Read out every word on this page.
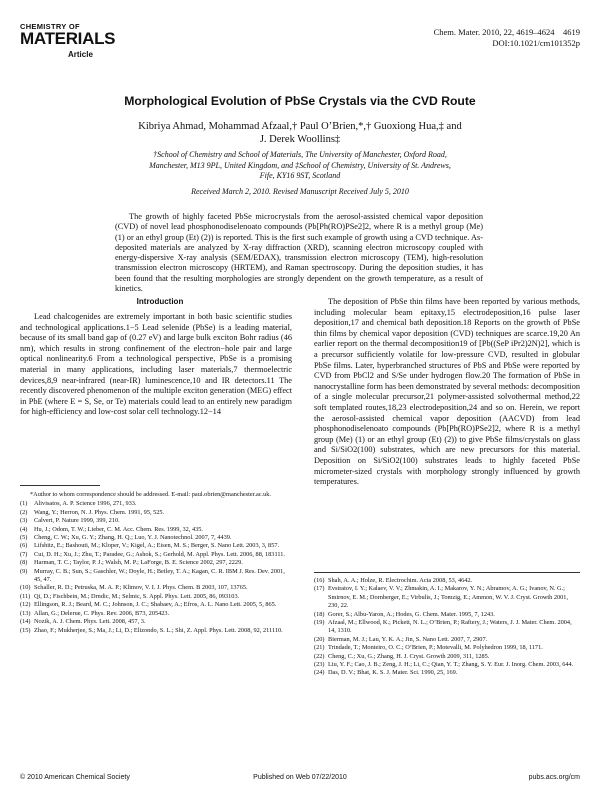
CHEMISTRY OF
MATERIALS
Article
Chem. Mater. 2010, 22, 4619–4624 4619
DOI:10.1021/cm101352p
Morphological Evolution of PbSe Crystals via the CVD Route
Kibriya Ahmad, Mohammad Afzaal,† Paul O’Brien,*,† Guoxiong Hua,‡ and
J. Derek Woollins‡
†School of Chemistry and School of Materials, The University of Manchester, Oxford Road,
Manchester, M13 9PL, United Kingdom, and ‡School of Chemistry, University of St. Andrews,
Fife, KY16 9ST, Scotland
Received March 2, 2010. Revised Manuscript Received July 5, 2010
The growth of highly faceted PbSe microcrystals from the aerosol-assisted chemical vapor deposition (CVD) of novel lead phosphonodiselenoato compounds (Pb[Ph(RO)PSe2]2, where R is a methyl group (Me) (1) or an ethyl group (Et) (2)) is reported. This is the first such example of growth using a CVD technique. As-deposited materials are analyzed by X-ray diffraction (XRD), scanning electron microscopy coupled with energy-dispersive X-ray analysis (SEM/EDAX), transmission electron microscopy (TEM), high-resolution transmission electron microscopy (HRTEM), and Raman spectroscopy. During the deposition studies, it has been found that the resulting morphologies are strongly dependent on the growth temperature, as a result of kinetics.
Introduction
Lead chalcogenides are extremely important in both basic scientific studies and technological applications.1−5 Lead selenide (PbSe) is a leading material, because of its small band gap of (0.27 eV) and large bulk exciton Bohr radius (46 nm), which results in strong confinement of the electron−hole pair and large optical nonlinearity.6 From a technological perspective, PbSe is a promising material in many applications, including laser materials,7 thermoelectric devices,8,9 near-infrared (near-IR) luminescence,10 and IR detectors.11 The recently discovered phenomenon of the multiple exciton generation (MEG) effect in PbE (where E = S, Se, or Te) materials could lead to an entirely new paradigm for high-efficiency and low-cost solar cell technology.12−14
*Author to whom correspondence should be addressed. E-mail: paul.obrien@manchester.ac.uk.
(1)	Alivisatos, A. P. Science 1996, 271, 933.
(2)	Wang, Y.; Herron, N. J. Phys. Chem. 1991, 95, 525.
(3)	Calvert, P. Nature 1999, 399, 210.
(4)	Hu, J.; Odom, T. W.; Lieber, C. M. Acc. Chem. Res. 1999, 32, 435.
(5)	Cheng, C. W.; Xu, G. Y.; Zhang, H. Q.; Luo, Y. J. Nanotechnol. 2007, 7, 4439.
(6)	Lifshitz, E.; Bashouti, M.; Kloper, V.; Kigel, A.; Eisen, M. S.; Berger, S. Nano Lett. 2003, 3, 857.
(7)	Cui, D. H.; Xu, J.; Zhu, T.; Paradee, G.; Ashok, S.; Gerhold, M. Appl. Phys. Lett. 2006, 88, 183111.
(8)	Harman, T. C.; Taylor, P. J.; Walsh, M. P.; LaForge, B. E. Science 2002, 297, 2229.
(9)	Murray, C. B.; Sun, S.; Gaschler, W.; Doyle, H.; Betley, T. A.; Kagan, C. R. IBM J. Res. Dev. 2001, 45, 47.
(10) Schaller, R. D.; Petruska, M. A. P.; Klimov, V. I. J. Phys. Chem. B 2003, 107, 13765.
(11) Qi, D.; Fischbein, M.; Drndic, M.; Selmic, S. Appl. Phys. Lett. 2005, 86, 093103.
(12) Ellingson, R. J.; Beard, M. C.; Johnson, J. C.; Shabaev, A.; Efros, A. L. Nano Lett. 2005, 5, 865.
(13) Allan, G.; Delerue, C. Phys. Rev. 2006, B73, 205423.
(14) Nozik, A. J. Chem. Phys. Lett. 2008, 457, 3.
(15) Zhao, F.; Mukherjee, S.; Ma, J.; Li, D.; Elizondo, S. L.; Shi, Z. Appl. Phys. Lett. 2008, 92, 211110.
The deposition of PbSe thin films have been reported by various methods, including molecular beam epitaxy,15 electrodeposition,16 pulse laser deposition,17 and chemical bath deposition.18 Reports on the growth of PbSe thin films by chemical vapor deposition (CVD) techniques are scarce.19,20 An earlier report on the thermal decomposition19 of [Pb((SeP iPr2)2N)2], which is a precursor sufficiently volatile for low-pressure CVD, resulted in globular PbSe films. Later, hyperbranched structures of PbS and PbSe were reported by CVD from PbCl2 and S/Se under hydrogen flow.20 The formation of PbSe in nanocrystalline form has been demonstrated by several methods: decomposition of a single molecular precursor,21 polymer-assisted solvothermal method,22 soft templated routes,18,23 electrodeposition,24 and so on. Herein, we report the aerosol-assisted chemical vapor deposition (AACVD) from lead phosphonodiselenoato compounds (Pb[Ph(RO)PSe2]2, where R is a methyl group (Me) (1) or an ethyl group (Et) (2)) to give PbSe films/crystals on glass and Si/SiO2(100) substrates, which are new precursors for this material. Deposition on Si/SiO2(100) substrates leads to highly faceted PbSe micrometer-sized crystals with morphology strongly influenced by growth temperatures.
(16) Shah, A. A.; Holze, R. Electrochim. Acta 2008, 53, 4642.
(17) Evstratov, I. Y.; Kalaev, V. V.; Zhmakin, A. I.; Makarov, Y. N.; Abramov, A. G.; Ivanov, N. G.; Smirnov, E. M.; Dornberger, E.; Virbulis, J.; Tomzig, E.; Ammon, W. V. J. Cryst. Growth 2001, 230, 22.
(18) Gorer, S.; Albu-Yaron, A.; Hodes, G. Chem. Mater. 1995, 7, 1243.
(19) Afzaal, M.; Ellwood, K.; Pickett, N. L.; O’Brien, P.; Raftery, J.; Waters, J. J. Mater. Chem. 2004, 14, 1310.
(20) Bierman, M. J.; Lau, Y. K. A.; Jin, S. Nano Lett. 2007, 7, 2907.
(21) Trindade, T.; Monteiro, O. C.; O’Brien, P.; Motevalli, M. Polyhedron 1999, 18, 1171.
(22) Cheng, C.; Xu, G.; Zhang, H. J. Cryst. Growth 2009, 311, 1285.
(23) Liu, Y. F.; Cao, J. B.; Zeng, J. H.; Li, C.; Qian, Y. T.; Zhang, S. Y. Eur. J. Inorg. Chem. 2003, 644.
(24) Das, D. V.; Bhat, K. S. J. Mater. Sci. 1990, 25, 169.
© 2010 American Chemical Society	Published on Web 07/22/2010	pubs.acs.org/cm
